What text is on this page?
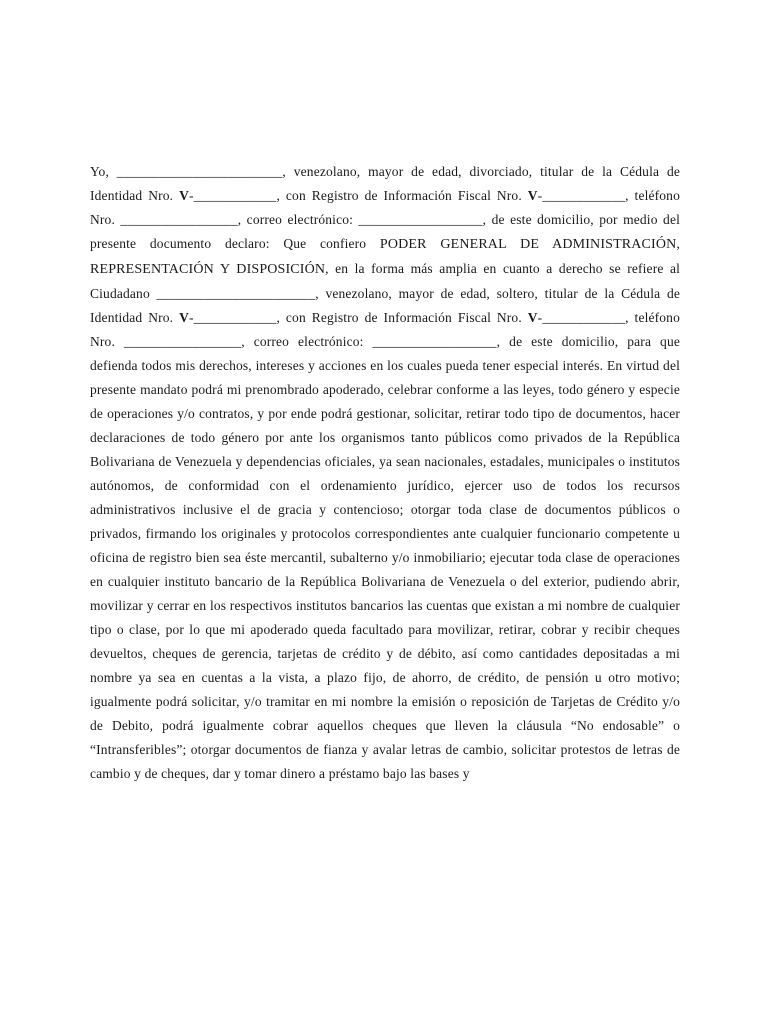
Yo, ________________________, venezolano, mayor de edad, divorciado, titular de la Cédula de Identidad Nro. V-____________, con Registro de Información Fiscal Nro. V-____________, teléfono Nro. _________________, correo electrónico: __________________, de este domicilio, por medio del presente documento declaro: Que confiero PODER GENERAL DE ADMINISTRACIÓN, REPRESENTACIÓN Y DISPOSICIÓN, en la forma más amplia en cuanto a derecho se refiere al Ciudadano _______________________, venezolano, mayor de edad, soltero, titular de la Cédula de Identidad Nro. V-____________, con Registro de Información Fiscal Nro. V-____________, teléfono Nro. _________________, correo electrónico: __________________, de este domicilio, para que defienda todos mis derechos, intereses y acciones en los cuales pueda tener especial interés. En virtud del presente mandato podrá mi prenombrado apoderado, celebrar conforme a las leyes, todo género y especie de operaciones y/o contratos, y por ende podrá gestionar, solicitar, retirar todo tipo de documentos, hacer declaraciones de todo género por ante los organismos tanto públicos como privados de la República Bolivariana de Venezuela y dependencias oficiales, ya sean nacionales, estadales, municipales o institutos autónomos, de conformidad con el ordenamiento jurídico, ejercer uso de todos los recursos administrativos inclusive el de gracia y contencioso; otorgar toda clase de documentos públicos o privados, firmando los originales y protocolos correspondientes ante cualquier funcionario competente u oficina de registro bien sea éste mercantil, subalterno y/o inmobiliario; ejecutar toda clase de operaciones en cualquier instituto bancario de la República Bolivariana de Venezuela o del exterior, pudiendo abrir, movilizar y cerrar en los respectivos institutos bancarios las cuentas que existan a mi nombre de cualquier tipo o clase, por lo que mi apoderado queda facultado para movilizar, retirar, cobrar y recibir cheques devueltos, cheques de gerencia, tarjetas de crédito y de débito, así como cantidades depositadas a mi nombre ya sea en cuentas a la vista, a plazo fijo, de ahorro, de crédito, de pensión u otro motivo; igualmente podrá solicitar, y/o tramitar en mi nombre la emisión o reposición de Tarjetas de Crédito y/o de Debito, podrá igualmente cobrar aquellos cheques que lleven la cláusula “No endosable” o “Intransferibles”; otorgar documentos de fianza y avalar letras de cambio, solicitar protestos de letras de cambio y de cheques, dar y tomar dinero a préstamo bajo las bases y
